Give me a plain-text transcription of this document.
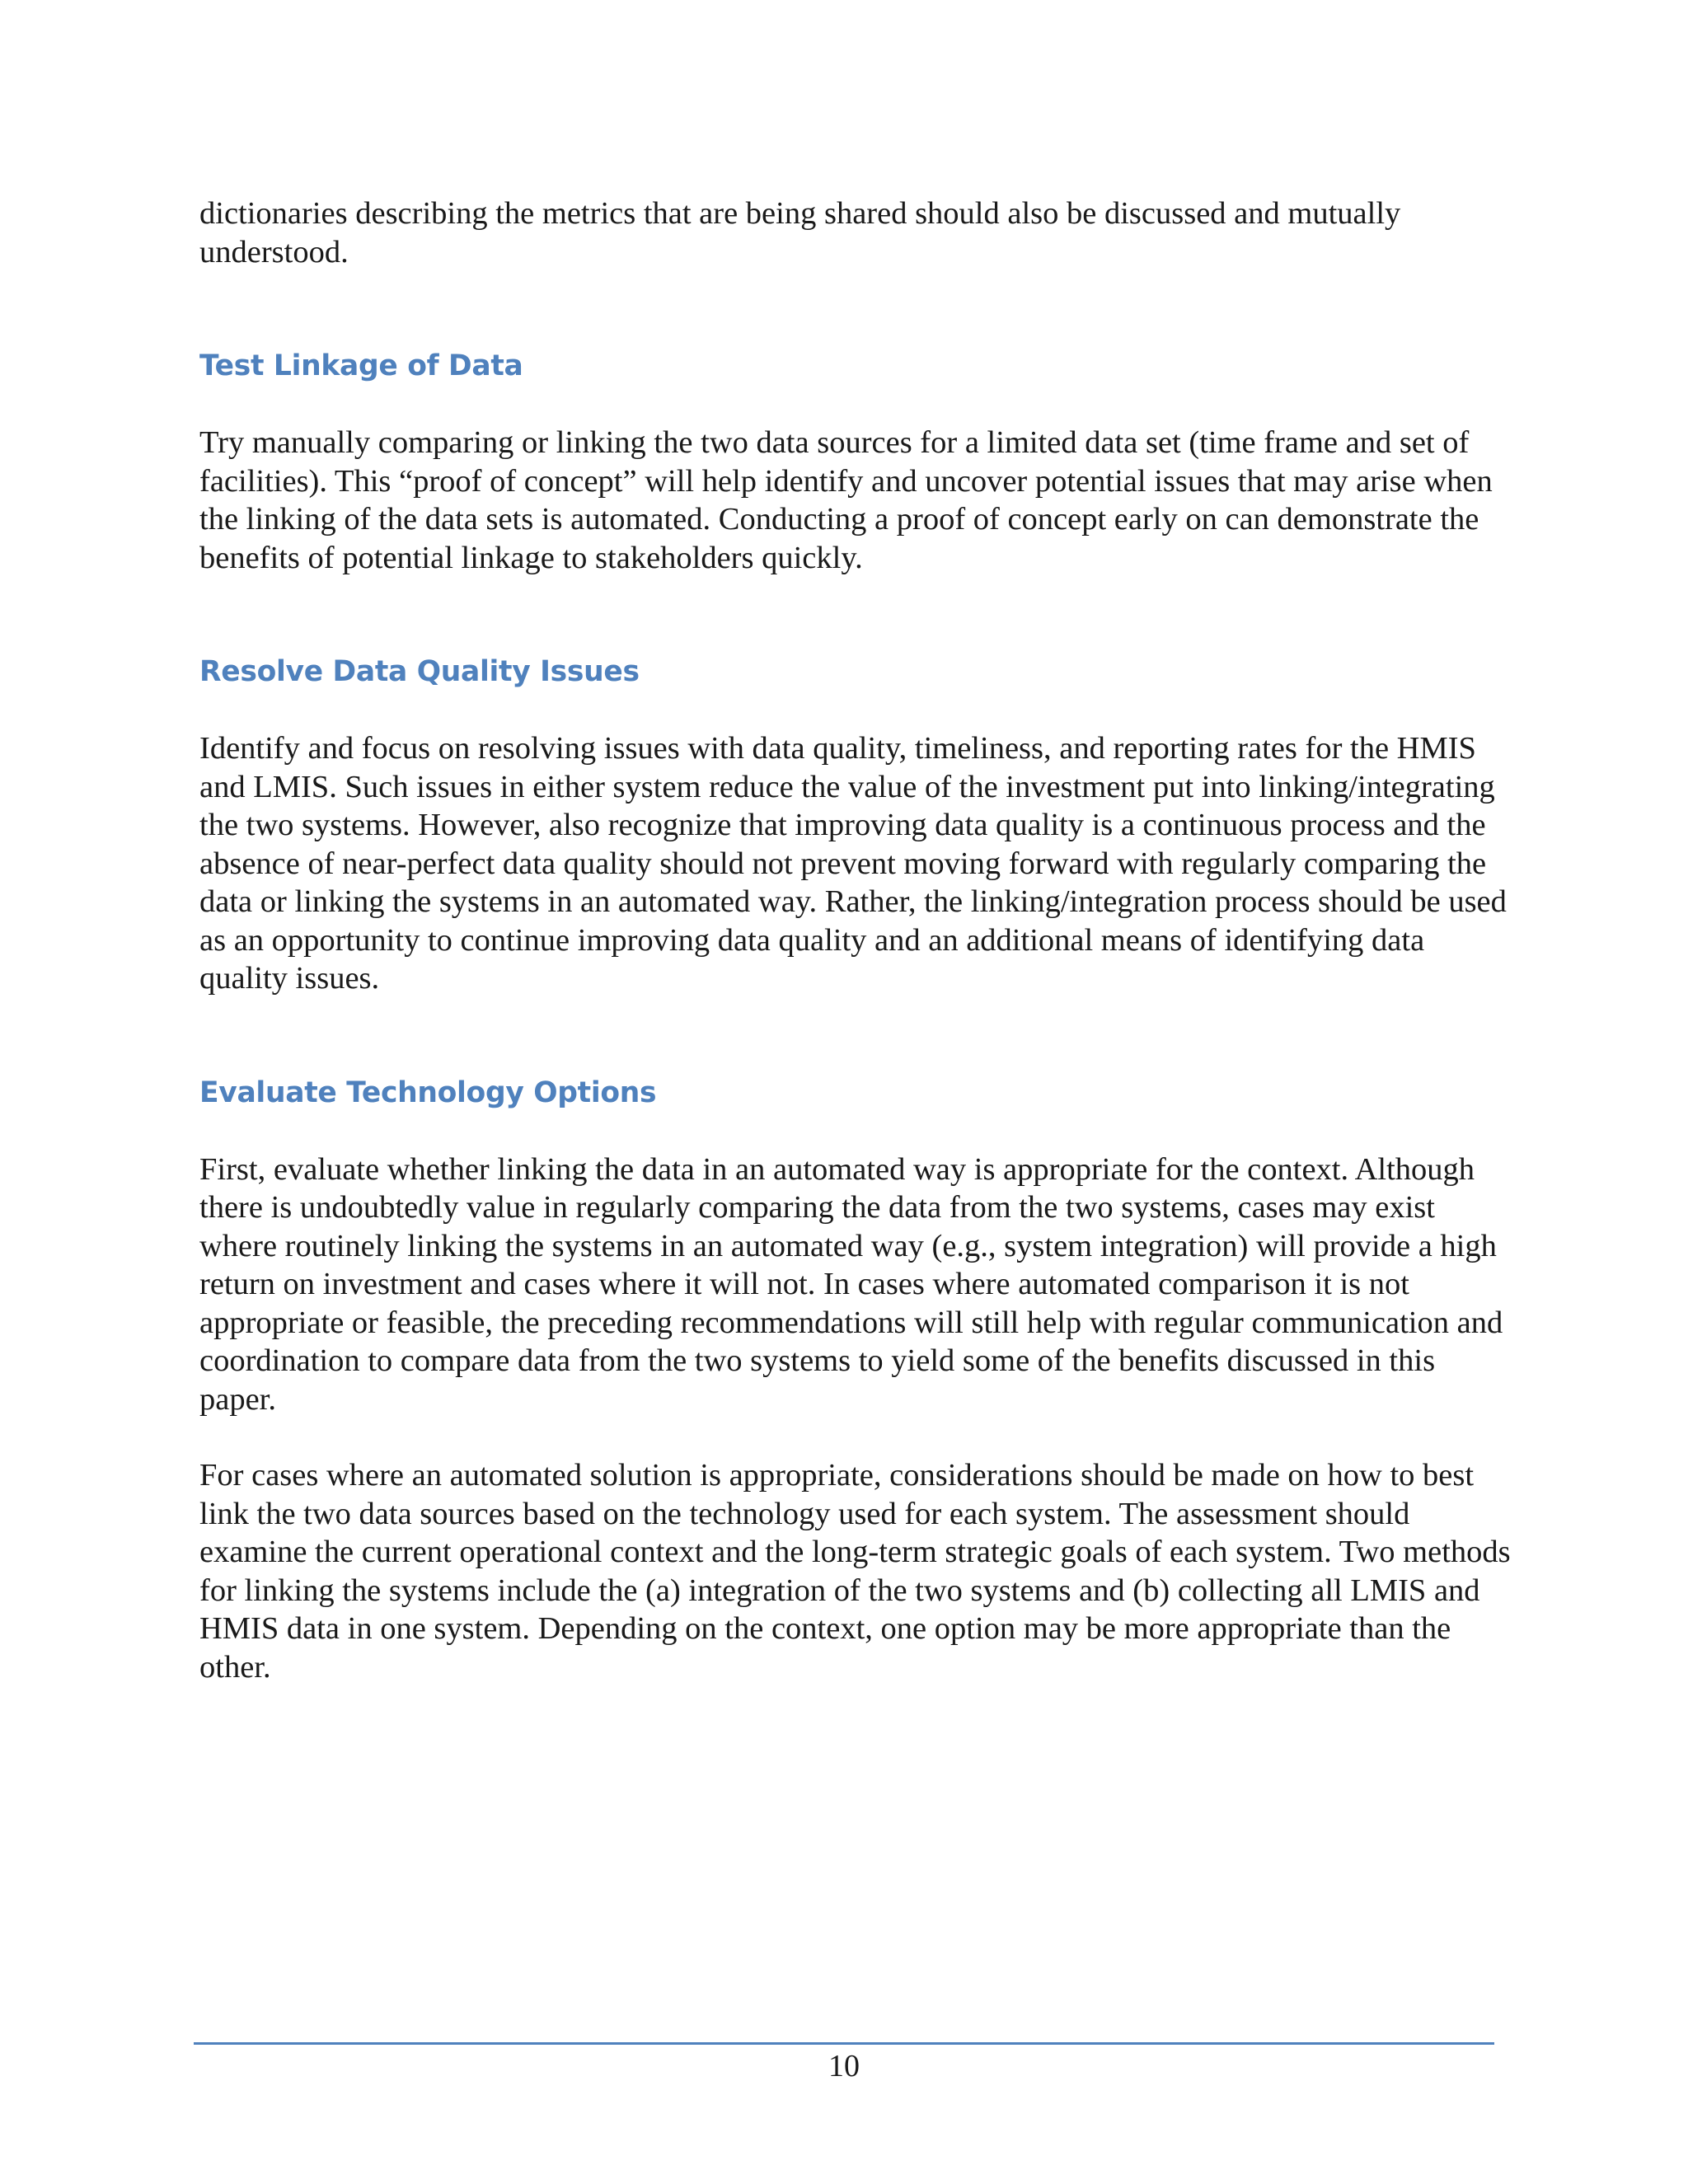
dictionaries describing the metrics that are being shared should also be discussed and mutually understood.

Test Linkage of Data

Try manually comparing or linking the two data sources for a limited data set (time frame and set of facilities). This “proof of concept” will help identify and uncover potential issues that may arise when the linking of the data sets is automated. Conducting a proof of concept early on can demonstrate the benefits of potential linkage to stakeholders quickly.

Resolve Data Quality Issues

Identify and focus on resolving issues with data quality, timeliness, and reporting rates for the HMIS and LMIS. Such issues in either system reduce the value of the investment put into linking/integrating the two systems. However, also recognize that improving data quality is a continuous process and the absence of near-perfect data quality should not prevent moving forward with regularly comparing the data or linking the systems in an automated way. Rather, the linking/integration process should be used as an opportunity to continue improving data quality and an additional means of identifying data quality issues.

Evaluate Technology Options

First, evaluate whether linking the data in an automated way is appropriate for the context. Although there is undoubtedly value in regularly comparing the data from the two systems, cases may exist where routinely linking the systems in an automated way (e.g., system integration) will provide a high return on investment and cases where it will not. In cases where automated comparison it is not appropriate or feasible, the preceding recommendations will still help with regular communication and coordination to compare data from the two systems to yield some of the benefits discussed in this paper.

For cases where an automated solution is appropriate, considerations should be made on how to best link the two data sources based on the technology used for each system. The assessment should examine the current operational context and the long-term strategic goals of each system. Two methods for linking the systems include the (a) integration of the two systems and (b) collecting all LMIS and HMIS data in one system. Depending on the context, one option may be more appropriate than the other.

10
